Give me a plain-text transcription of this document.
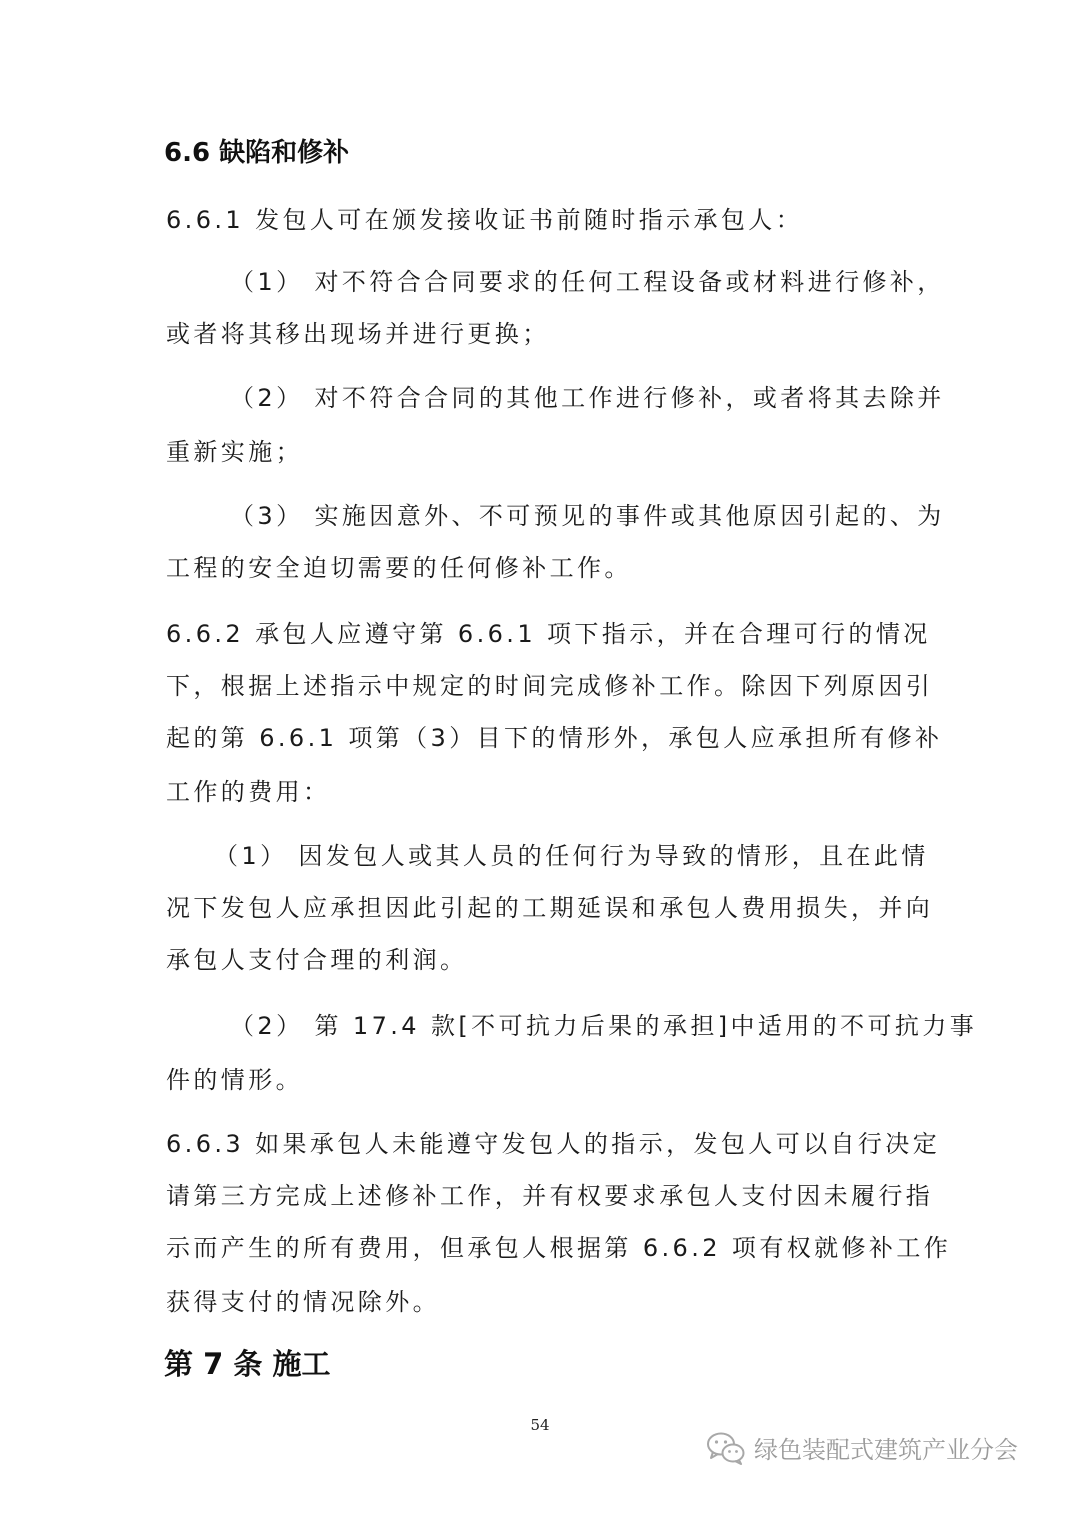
6.6 缺陷和修补
6.6.1 发包人可在颁发接收证书前随时指示承包人：
（1） 对不符合合同要求的任何工程设备或材料进行修补，
或者将其移出现场并进行更换；
（2） 对不符合合同的其他工作进行修补，或者将其去除并
重新实施；
（3） 实施因意外、不可预见的事件或其他原因引起的、为
工程的安全迫切需要的任何修补工作。
6.6.2 承包人应遵守第 6.6.1 项下指示，并在合理可行的情况
下，根据上述指示中规定的时间完成修补工作。除因下列原因引
起的第 6.6.1 项第（3）目下的情形外，承包人应承担所有修补
工作的费用：
（1） 因发包人或其人员的任何行为导致的情形，且在此情
况下发包人应承担因此引起的工期延误和承包人费用损失，并向
承包人支付合理的利润。
（2） 第 17.4 款[不可抗力后果的承担]中适用的不可抗力事
件的情形。
6.6.3 如果承包人未能遵守发包人的指示，发包人可以自行决定
请第三方完成上述修补工作，并有权要求承包人支付因未履行指
示而产生的所有费用，但承包人根据第 6.6.2 项有权就修补工作
获得支付的情况除外。
第 7 条 施工
54
绿色装配式建筑产业分会
